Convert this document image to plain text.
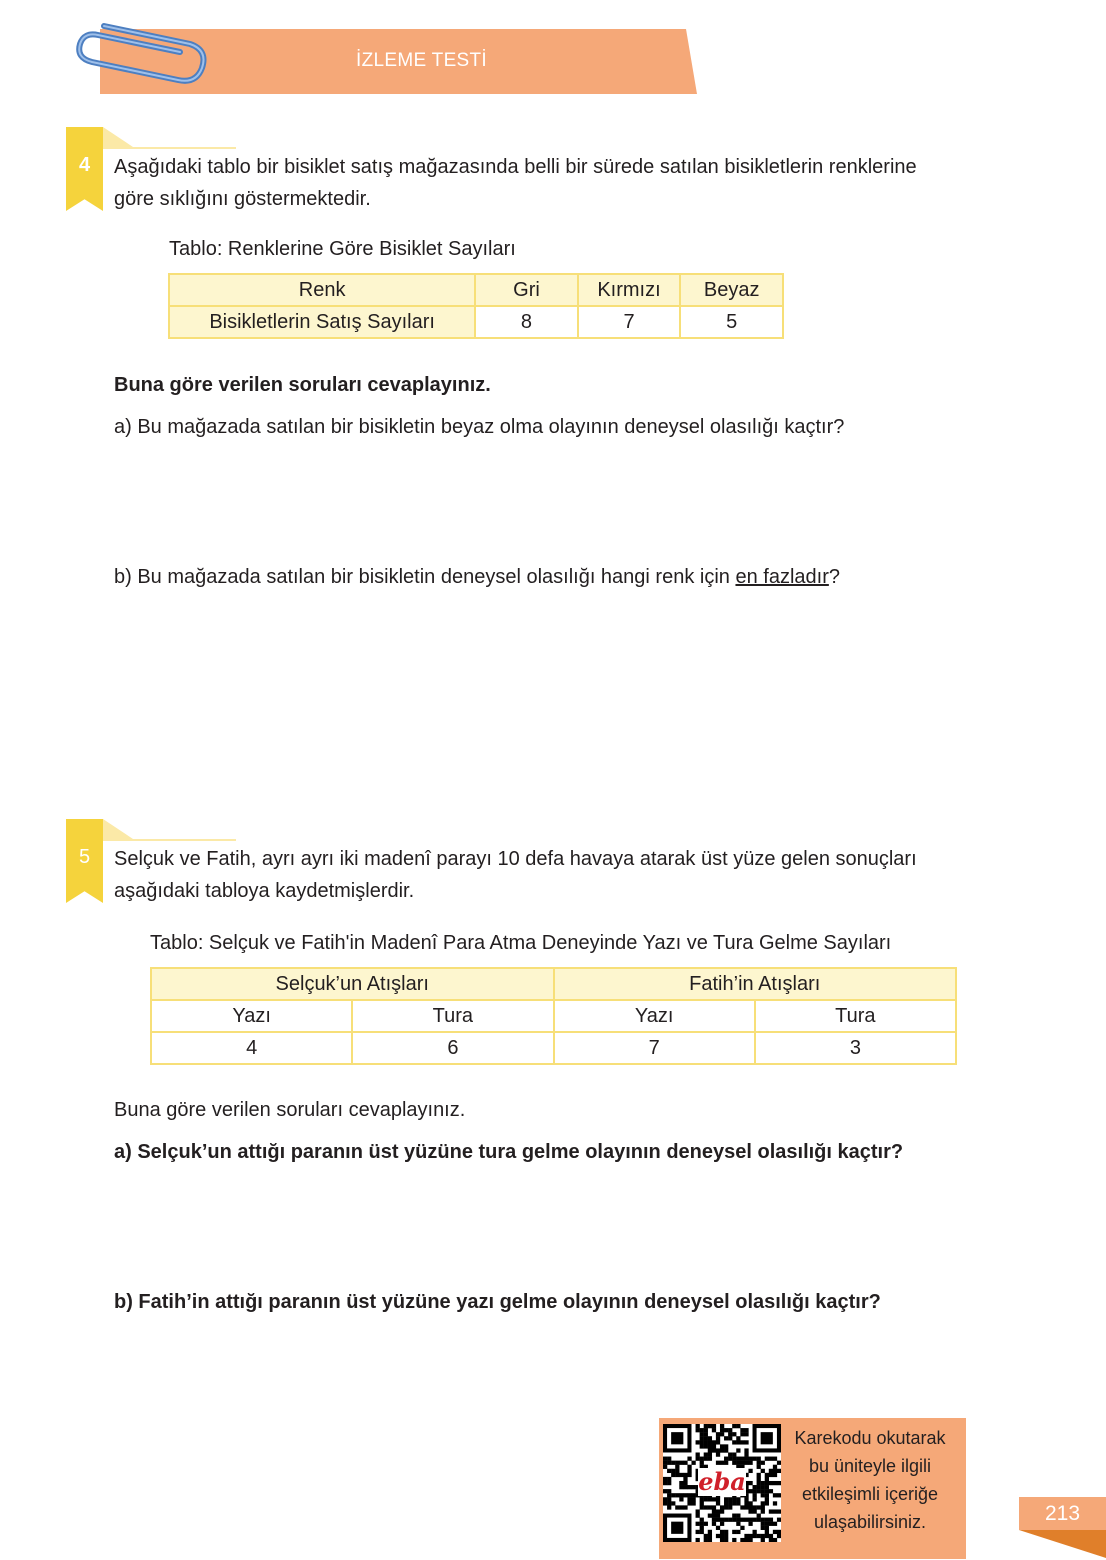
İZLEME TESTİ
4	Aşağıdaki tablo bir bisiklet satış mağazasında belli bir sürede satılan bisikletlerin renklerine
göre sıklığını göstermektedir.
Tablo: Renklerine Göre Bisiklet Sayıları
Renk	Gri	Kırmızı	Beyaz
Bisikletlerin Satış Sayıları	8	7	5
Buna göre verilen soruları cevaplayınız.
a) Bu mağazada satılan bir bisikletin beyaz olma olayının deneysel olasılığı kaçtır?
b) Bu mağazada satılan bir bisikletin deneysel olasılığı hangi renk için en fazladır?
5	Selçuk ve Fatih, ayrı ayrı iki madenî parayı 10 defa havaya atarak üst yüze gelen sonuçları
aşağıdaki tabloya kaydetmişlerdir.
Tablo: Selçuk ve Fatih'in Madenî Para Atma Deneyinde Yazı ve Tura Gelme Sayıları
Selçuk’un Atışları		Fatih’in Atışları	
Yazı	Tura	Yazı	Tura
4	6	7	3
Buna göre verilen soruları cevaplayınız.
a) Selçuk’un attığı paranın üst yüzüne tura gelme olayının deneysel olasılığı kaçtır?
b) Fatih’in attığı paranın üst yüzüne yazı gelme olayının deneysel olasılığı kaçtır?
eba
Karekodu okutarak
bu üniteyle ilgili
etkileşimli içeriğe
ulaşabilirsiniz.	213
